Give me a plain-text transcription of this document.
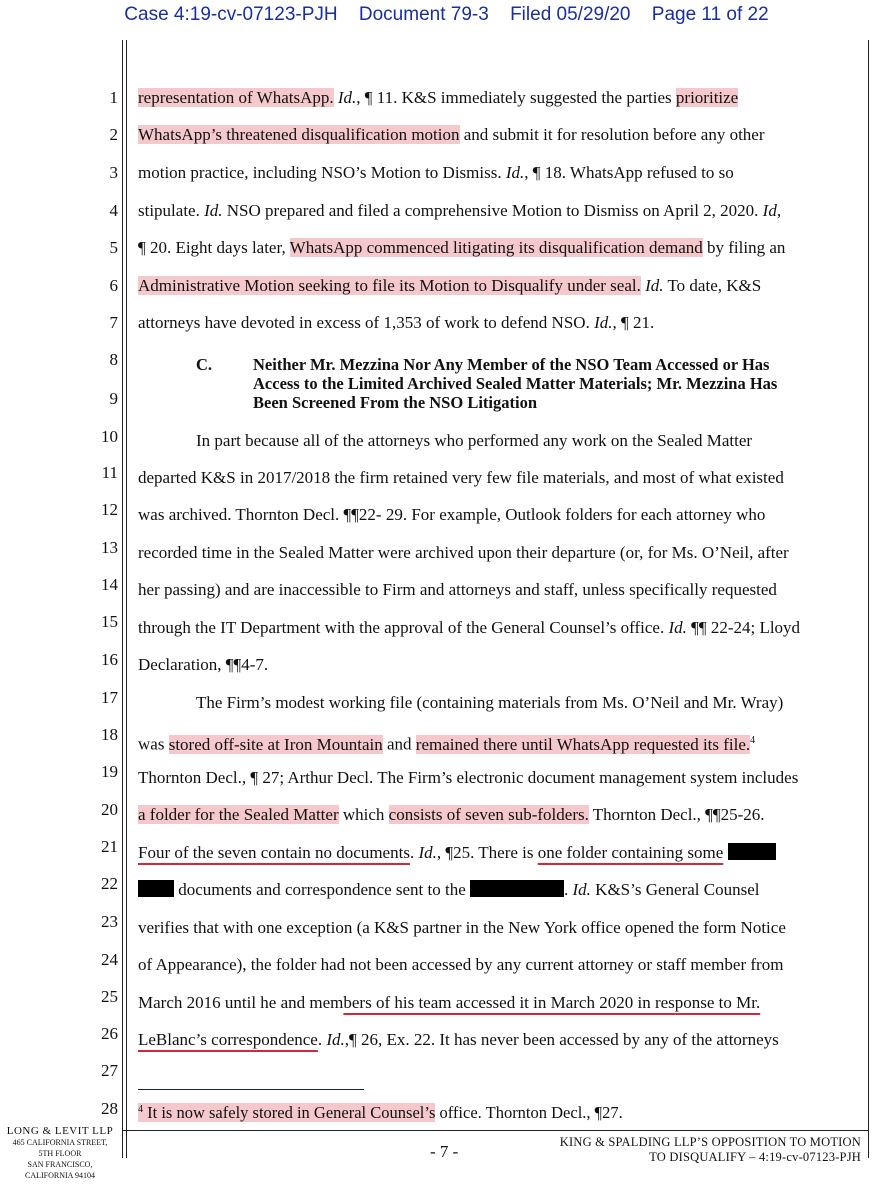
Case 4:19-cv-07123-PJH Document 79-3 Filed 05/29/20 Page 11 of 22
1
2
3
4
5
6
7
8
9
10
11
12
13
14
15
16
17
18
19
20
21
22
23
24
25
26
27
28
representation of WhatsApp. Id., ¶ 11. K&S immediately suggested the parties prioritize
WhatsApp’s threatened disqualification motion and submit it for resolution before any other
motion practice, including NSO’s Motion to Dismiss. Id., ¶ 18. WhatsApp refused to so
stipulate. Id. NSO prepared and filed a comprehensive Motion to Dismiss on April 2, 2020. Id,
¶ 20. Eight days later, WhatsApp commenced litigating its disqualification demand by filing an
Administrative Motion seeking to file its Motion to Disqualify under seal. Id. To date, K&S
attorneys have devoted in excess of 1,353 of work to defend NSO. Id., ¶ 21.
C. Neither Mr. Mezzina Nor Any Member of the NSO Team Accessed or Has
Access to the Limited Archived Sealed Matter Materials; Mr. Mezzina Has
Been Screened From the NSO Litigation
In part because all of the attorneys who performed any work on the Sealed Matter
departed K&S in 2017/2018 the firm retained very few file materials, and most of what existed
was archived. Thornton Decl. ¶¶22- 29. For example, Outlook folders for each attorney who
recorded time in the Sealed Matter were archived upon their departure (or, for Ms. O’Neil, after
her passing) and are inaccessible to Firm and attorneys and staff, unless specifically requested
through the IT Department with the approval of the General Counsel’s office. Id. ¶¶ 22-24; Lloyd
Declaration, ¶¶4-7.
The Firm’s modest working file (containing materials from Ms. O’Neil and Mr. Wray)
was stored off-site at Iron Mountain and remained there until WhatsApp requested its file.$^4$
Thornton Decl., ¶ 27; Arthur Decl. The Firm’s electronic document management system includes
a folder for the Sealed Matter which consists of seven sub-folders. Thornton Decl., ¶¶25-26.
Four of the seven contain no documents. Id., ¶25. There is one folder containing some
documents and correspondence sent to the	. Id. K&S’s General Counsel
verifies that with one exception (a K&S partner in the New York office opened the form Notice
of Appearance), the folder had not been accessed by any current attorney or staff member from
March 2016 until he and members of his team accessed it in March 2020 in response to Mr.
LeBlanc’s correspondence. Id.,¶ 26, Ex. 22. It has never been accessed by any of the attorneys
$^4$ It is now safely stored in General Counsel’s office. Thornton Decl., ¶27.
LONG & LEVIT LLP
465 CALIFORNIA STREET,
5TH FLOOR
SAN FRANCISCO,
CALIFORNIA 94104
- 7 -	KING & SPALDING LLP’S OPPOSITION TO MOTION
TO DISQUALIFY – 4:19-cv-07123-PJH
